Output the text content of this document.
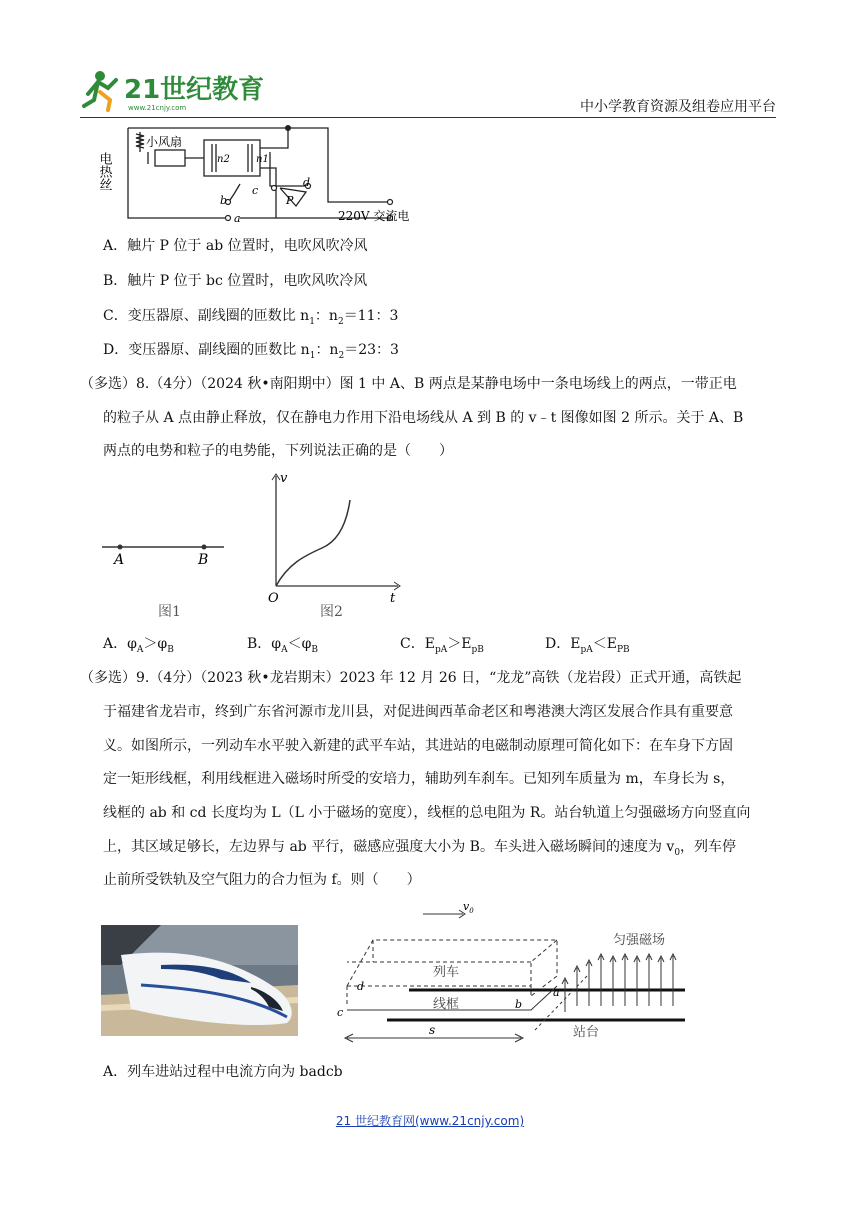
21世纪教育
www.21cnjy.com	中小学教育资源及组卷应用平台
电热丝
小风扇
n2	n1
a
b
c
d
P
220V 交流电
A．触片 P 位于 ab 位置时，电吹风吹冷风
B．触片 P 位于 bc 位置时，电吹风吹冷风
C．变压器原、副线圈的匝数比 $n_1$：$n_2=11$：3
D．变压器原、副线圈的匝数比 $n_1$：$n_2=23$：3
（多选）8.（4分）（2024 秋•南阳期中）图 1 中 A、B 两点是某静电场中一条电场线上的两点，一带正电
的粒子从 A 点由静止释放，仅在静电力作用下沿电场线从 A 到 B 的 v﹣t 图像如图 2 所示。关于 A、B
两点的电势和粒子的电势能，下列说法正确的是（　　）
A	B
图1
v
O	t
图2
A．$\varphi_A>\varphi_B$	B．$\varphi_A<\varphi_B$	C．$E_{pA}>E_{pB}$	D．$E_{pA}<E_{PB}$
（多选）9.（4分）（2023 秋•龙岩期末）2023 年 12 月 26 日，“龙龙”高铁（龙岩段）正式开通，高铁起
于福建省龙岩市，终到广东省河源市龙川县，对促进闽西革命老区和粤港澳大湾区发展合作具有重要意
义。如图所示，一列动车水平驶入新建的武平车站，其进站的电磁制动原理可简化如下：在车身下方固
定一矩形线框，利用线框进入磁场时所受的安培力，辅助列车刹车。已知列车质量为 m，车身长为 s，
线框的 ab 和 cd 长度均为 L（L 小于磁场的宽度），线框的总电阻为 R。站台轨道上匀强磁场方向竖直向
上，其区域足够长，左边界与 ab 平行，磁感应强度大小为 B。车头进入磁场瞬间的速度为 $v_0$，列车停
止前所受铁轨及空气阻力的合力恒为 f。则（　　）
$v_0$
匀强磁场
列车
线框
站台
s
a
b
c
d
A．列车进站过程中电流方向为 badcb
21 世纪教育网(www.21cnjy.com)
